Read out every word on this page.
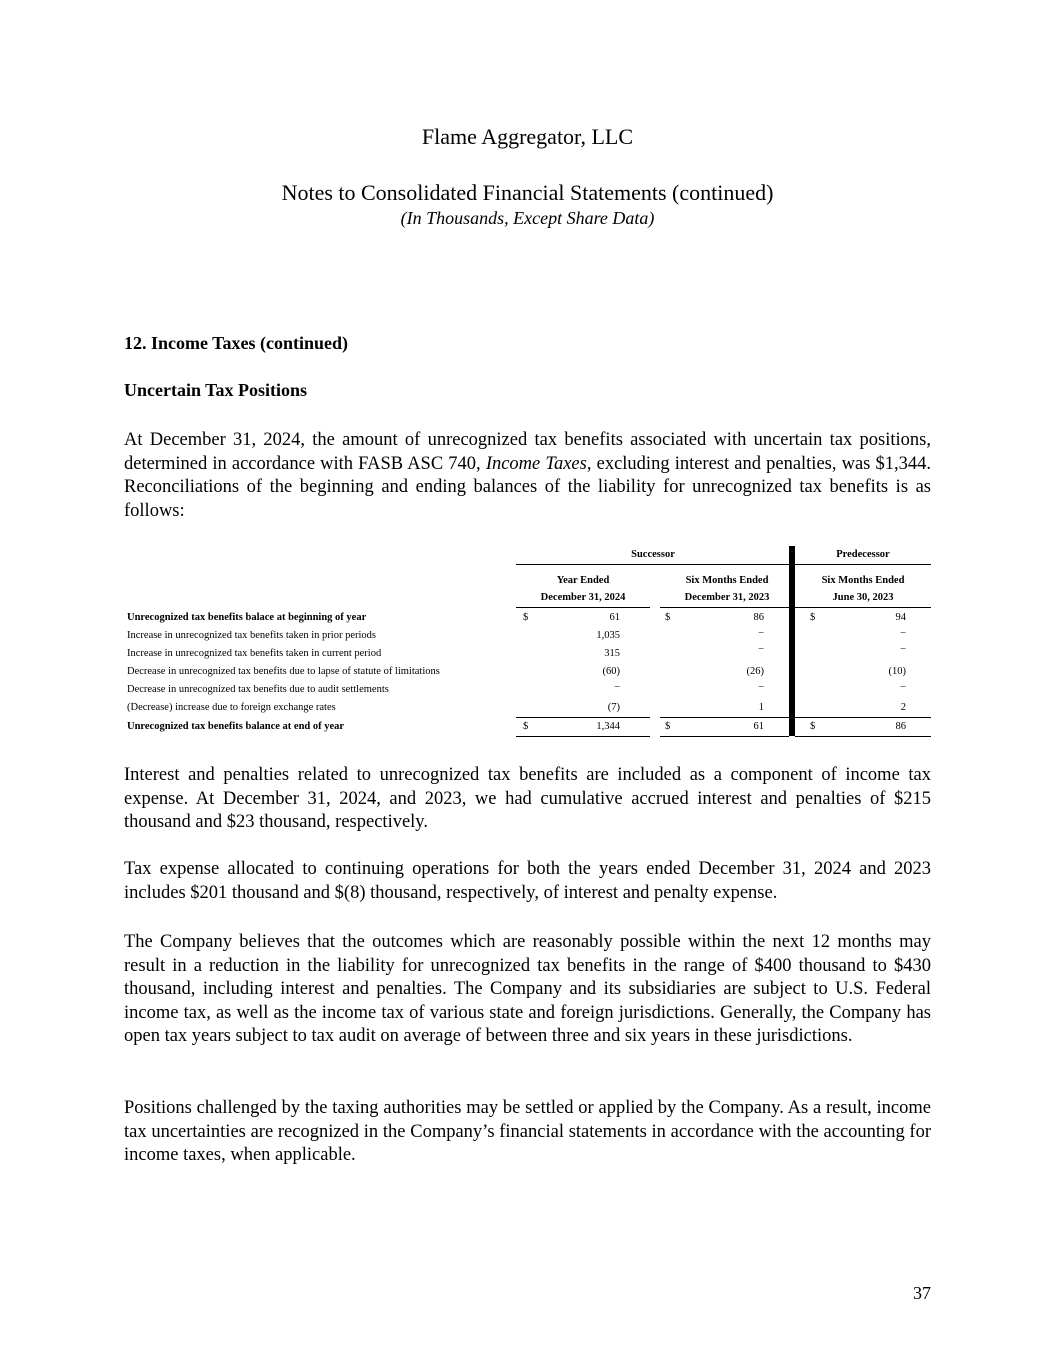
Flame Aggregator, LLC
Notes to Consolidated Financial Statements (continued)
(In Thousands, Except Share Data)
12. Income Taxes (continued)
Uncertain Tax Positions
At December 31, 2024, the amount of unrecognized tax benefits associated with uncertain tax positions, determined in accordance with FASB ASC 740, Income Taxes, excluding interest and penalties, was $1,344. Reconciliations of the beginning and ending balances of the liability for unrecognized tax benefits is as follows:
Successor	Predecessor
Year Ended
December 31, 2024
Six Months Ended
December 31, 2023
Six Months Ended
June 30, 2023
Unrecognized tax benefits balace at beginning of year	$	61	$	86	$	94
Increase in unrecognized tax benefits taken in prior periods	1,035	−	−
Increase in unrecognized tax benefits taken in current period	315	−	−
Decrease in unrecognized tax benefits due to lapse of statute of limitations	(60)	(26)	(10)
Decrease in unrecognized tax benefits due to audit settlements	−	−	−
(Decrease) increase due to foreign exchange rates	(7)	1	2
Unrecognized tax benefits balance at end of year	$	1,344	$	61	$	86
Interest and penalties related to unrecognized tax benefits are included as a component of income tax expense. At December 31, 2024, and 2023, we had cumulative accrued interest and penalties of $215 thousand and $23 thousand, respectively.
Tax expense allocated to continuing operations for both the years ended December 31, 2024 and 2023 includes $201 thousand and $(8) thousand, respectively, of interest and penalty expense.
The Company believes that the outcomes which are reasonably possible within the next 12 months may result in a reduction in the liability for unrecognized tax benefits in the range of $400 thousand to $430 thousand, including interest and penalties. The Company and its subsidiaries are subject to U.S. Federal income tax, as well as the income tax of various state and foreign jurisdictions. Generally, the Company has open tax years subject to tax audit on average of between three and six years in these jurisdictions.
Positions challenged by the taxing authorities may be settled or applied by the Company. As a result, income tax uncertainties are recognized in the Company’s financial statements in accordance with the accounting for income taxes, when applicable.
37
